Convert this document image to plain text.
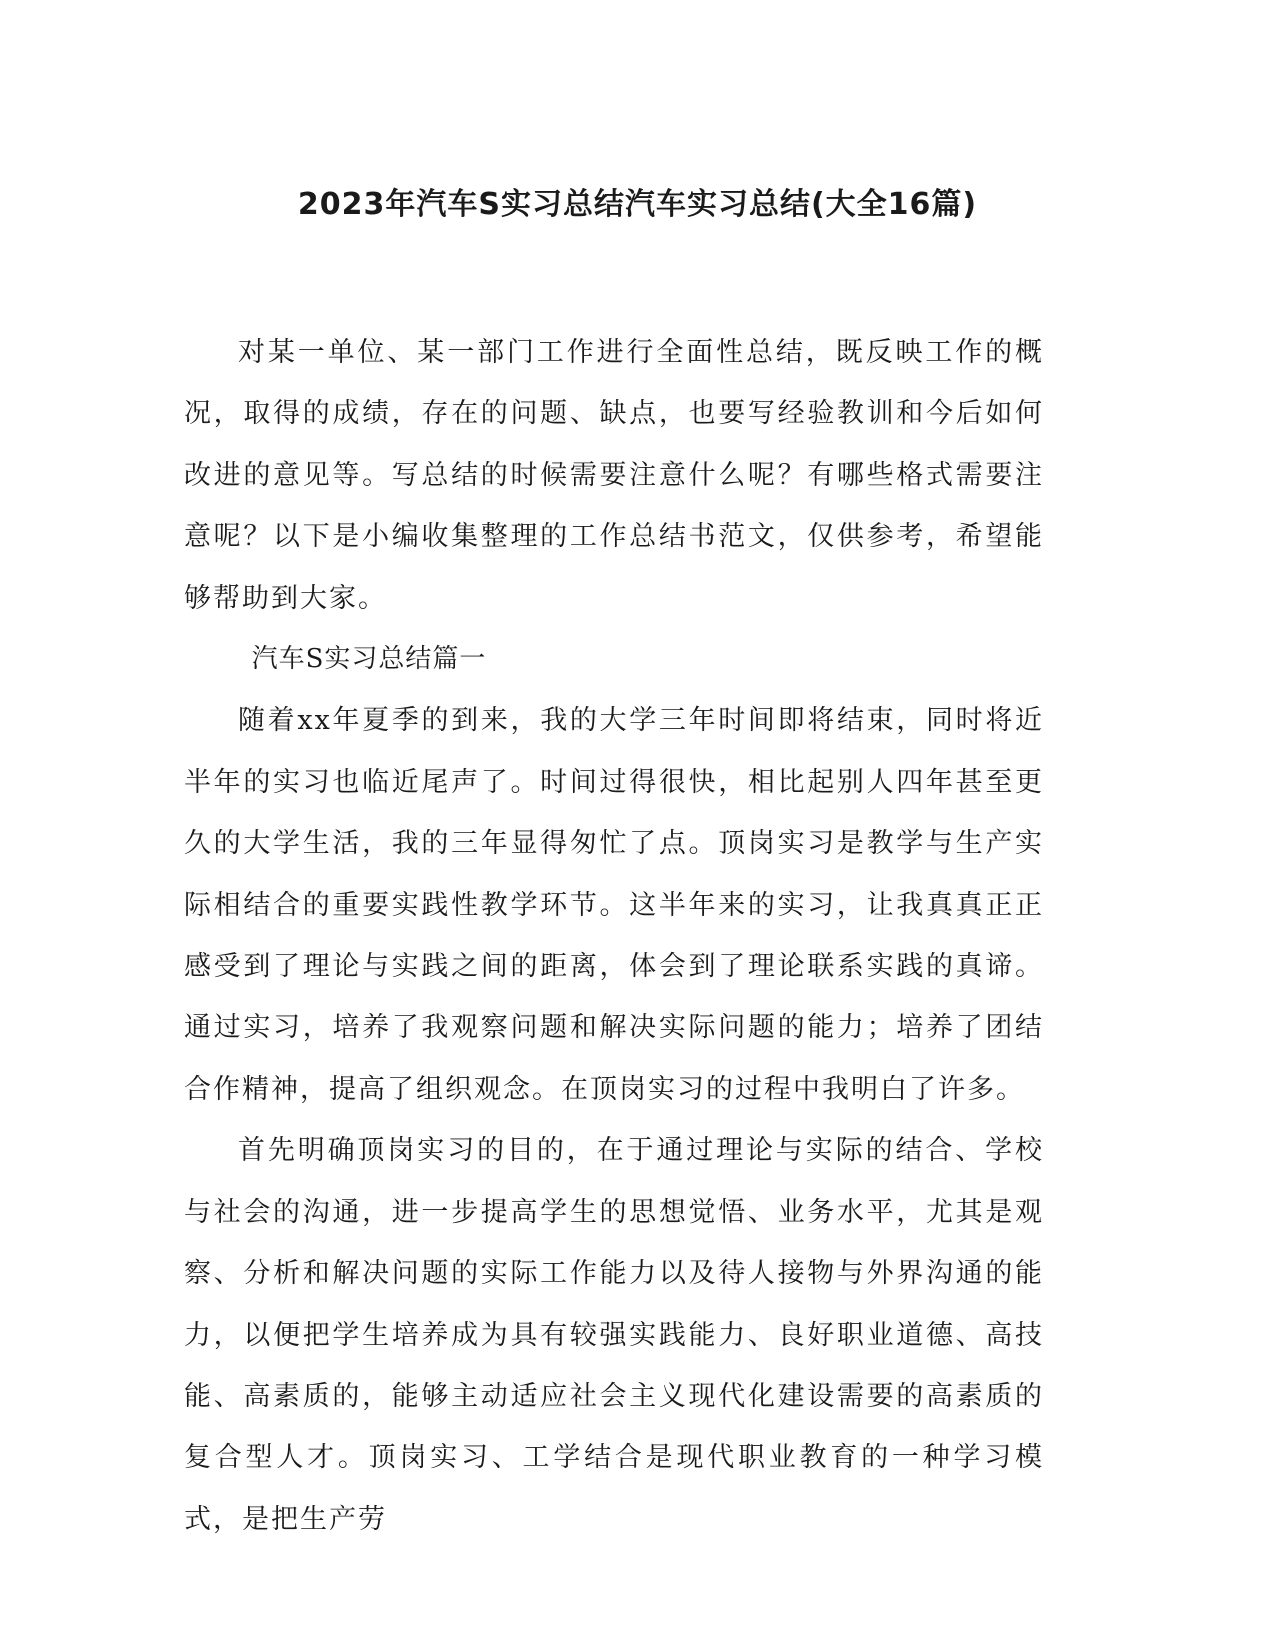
2023年汽车S实习总结汽车实习总结(大全16篇)

对某一单位、某一部门工作进行全面性总结，既反映工作的概况，取得的成绩，存在的问题、缺点，也要写经验教训和今后如何改进的意见等。写总结的时候需要注意什么呢？有哪些格式需要注意呢？以下是小编收集整理的工作总结书范文，仅供参考，希望能够帮助到大家。

汽车S实习总结篇一

随着xx年夏季的到来，我的大学三年时间即将结束，同时将近半年的实习也临近尾声了。时间过得很快，相比起别人四年甚至更久的大学生活，我的三年显得匆忙了点。顶岗实习是教学与生产实际相结合的重要实践性教学环节。这半年来的实习，让我真真正正感受到了理论与实践之间的距离，体会到了理论联系实践的真谛。通过实习，培养了我观察问题和解决实际问题的能力；培养了团结合作精神，提高了组织观念。在顶岗实习的过程中我明白了许多。

首先明确顶岗实习的目的，在于通过理论与实际的结合、学校与社会的沟通，进一步提高学生的思想觉悟、业务水平，尤其是观察、分析和解决问题的实际工作能力以及待人接物与外界沟通的能力，以便把学生培养成为具有较强实践能力、良好职业道德、高技能、高素质的，能够主动适应社会主义现代化建设需要的高素质的复合型人才。顶岗实习、工学结合是现代职业教育的一种学习模式，是把生产劳
